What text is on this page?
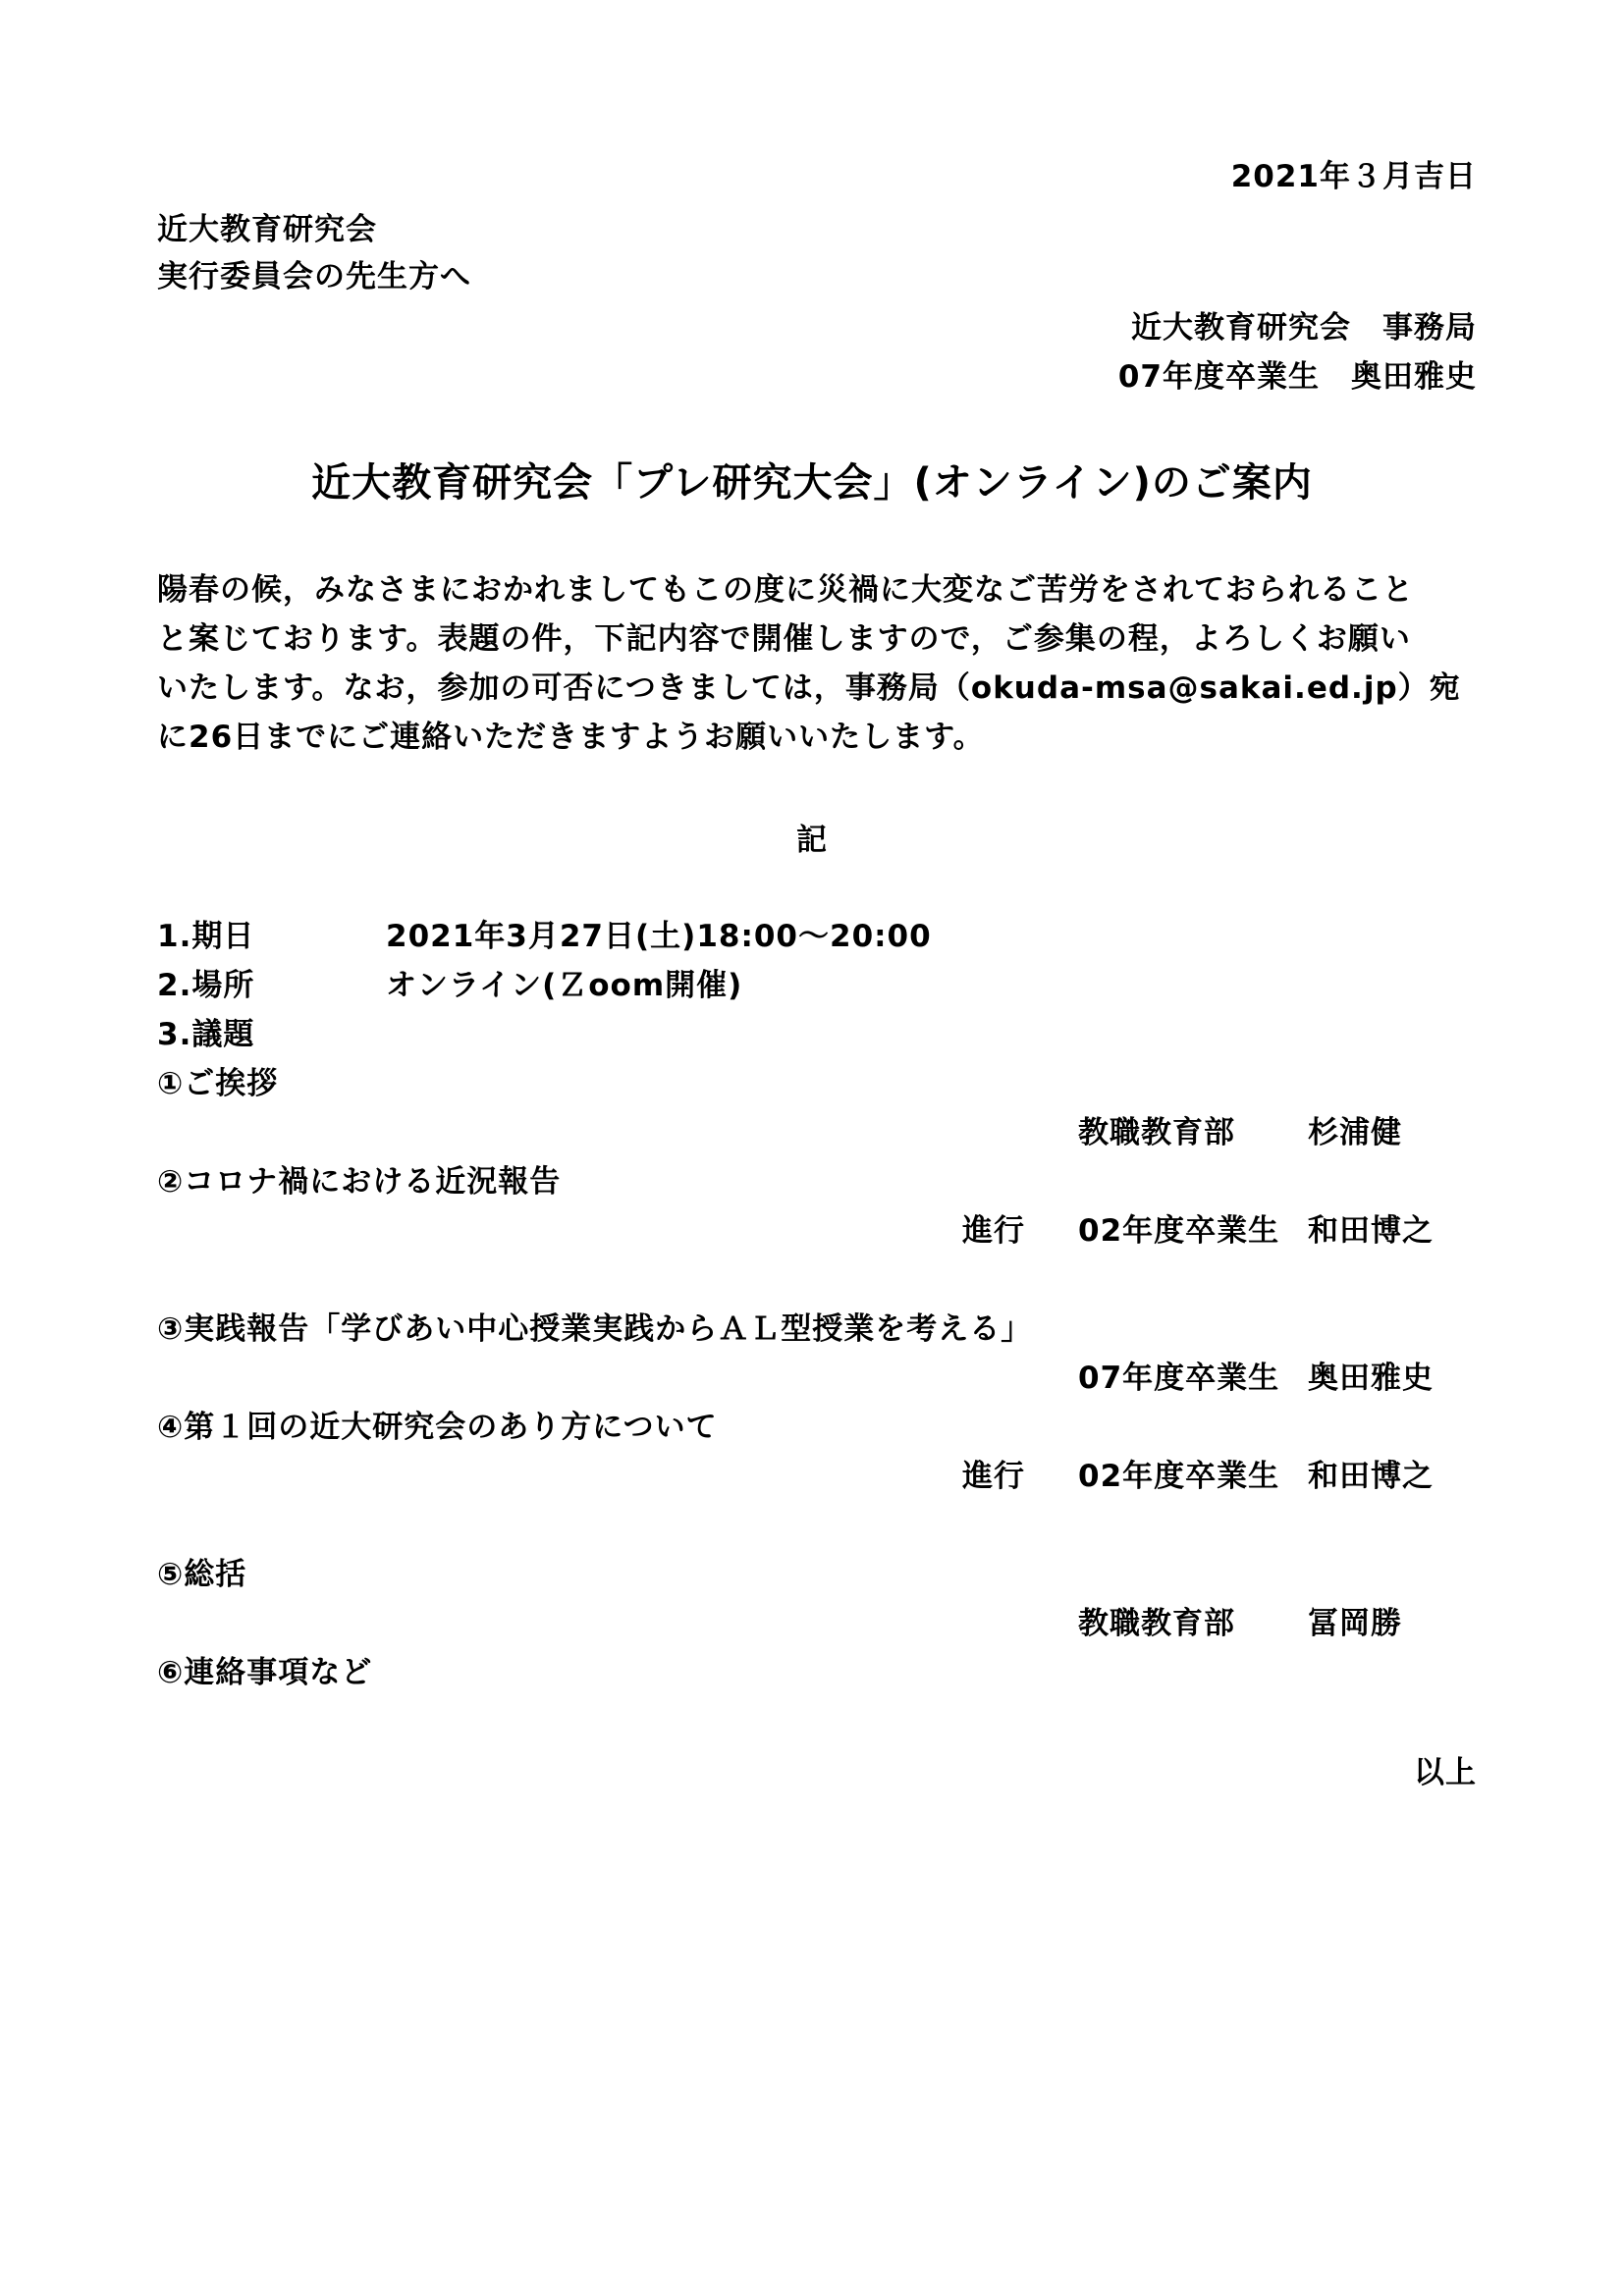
2021年３月吉日
近大教育研究会
実行委員会の先生方へ
近大教育研究会　事務局
07年度卒業生　奥田雅史
近大教育研究会「プレ研究大会」(オンライン)のご案内
陽春の候，みなさまにおかれましてもこの度に災禍に大変なご苦労をされておられること
と案じております。表題の件，下記内容で開催しますので，ご参集の程，よろしくお願い
いたします。なお，参加の可否につきましては，事務局（okuda-msa@sakai.ed.jp）宛
に26日までにご連絡いただきますようお願いいたします。
記
1.期日	2021年3月27日(土)18:00〜20:00
2.場所	オンライン(Ｚoom開催)
3.議題
①ご挨拶
教職教育部 杉浦健
②コロナ禍における近況報告
進行 02年度卒業生 和田博之
③実践報告「学びあい中心授業実践からＡＬ型授業を考える」
07年度卒業生 奥田雅史
④第１回の近大研究会のあり方について
進行 02年度卒業生 和田博之
⑤総括
教職教育部 冨岡勝
⑥連絡事項など
以上
